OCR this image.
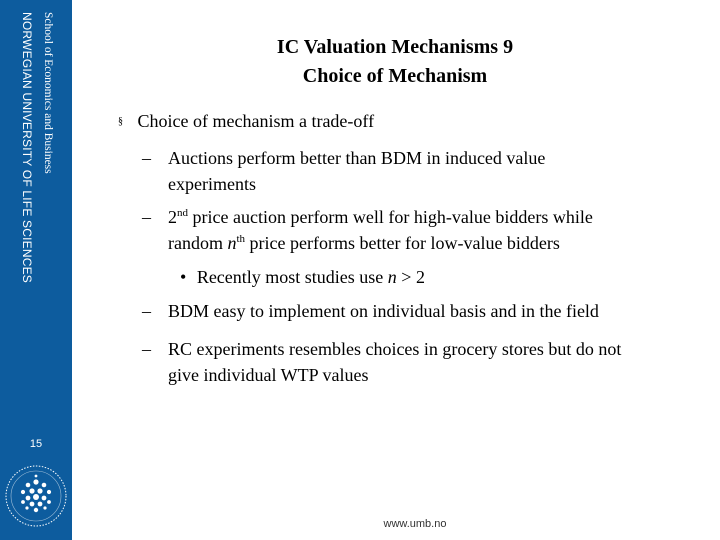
NORWEGIAN UNIVERSITY OF LIFE SCIENCES School of Economics and Business
15
IC Valuation Mechanisms 9
Choice of Mechanism
§ Choice of mechanism a trade-off
– Auctions perform better than BDM in induced value
experiments
– 2nd price auction perform well for high-value bidders while
random $n^{th}$ price performs better for low-value bidders
• Recently most studies use n > 2
– BDM easy to implement on individual basis and in the field
– RC experiments resembles choices in grocery stores but do not
give individual WTP values
www.umb.no
